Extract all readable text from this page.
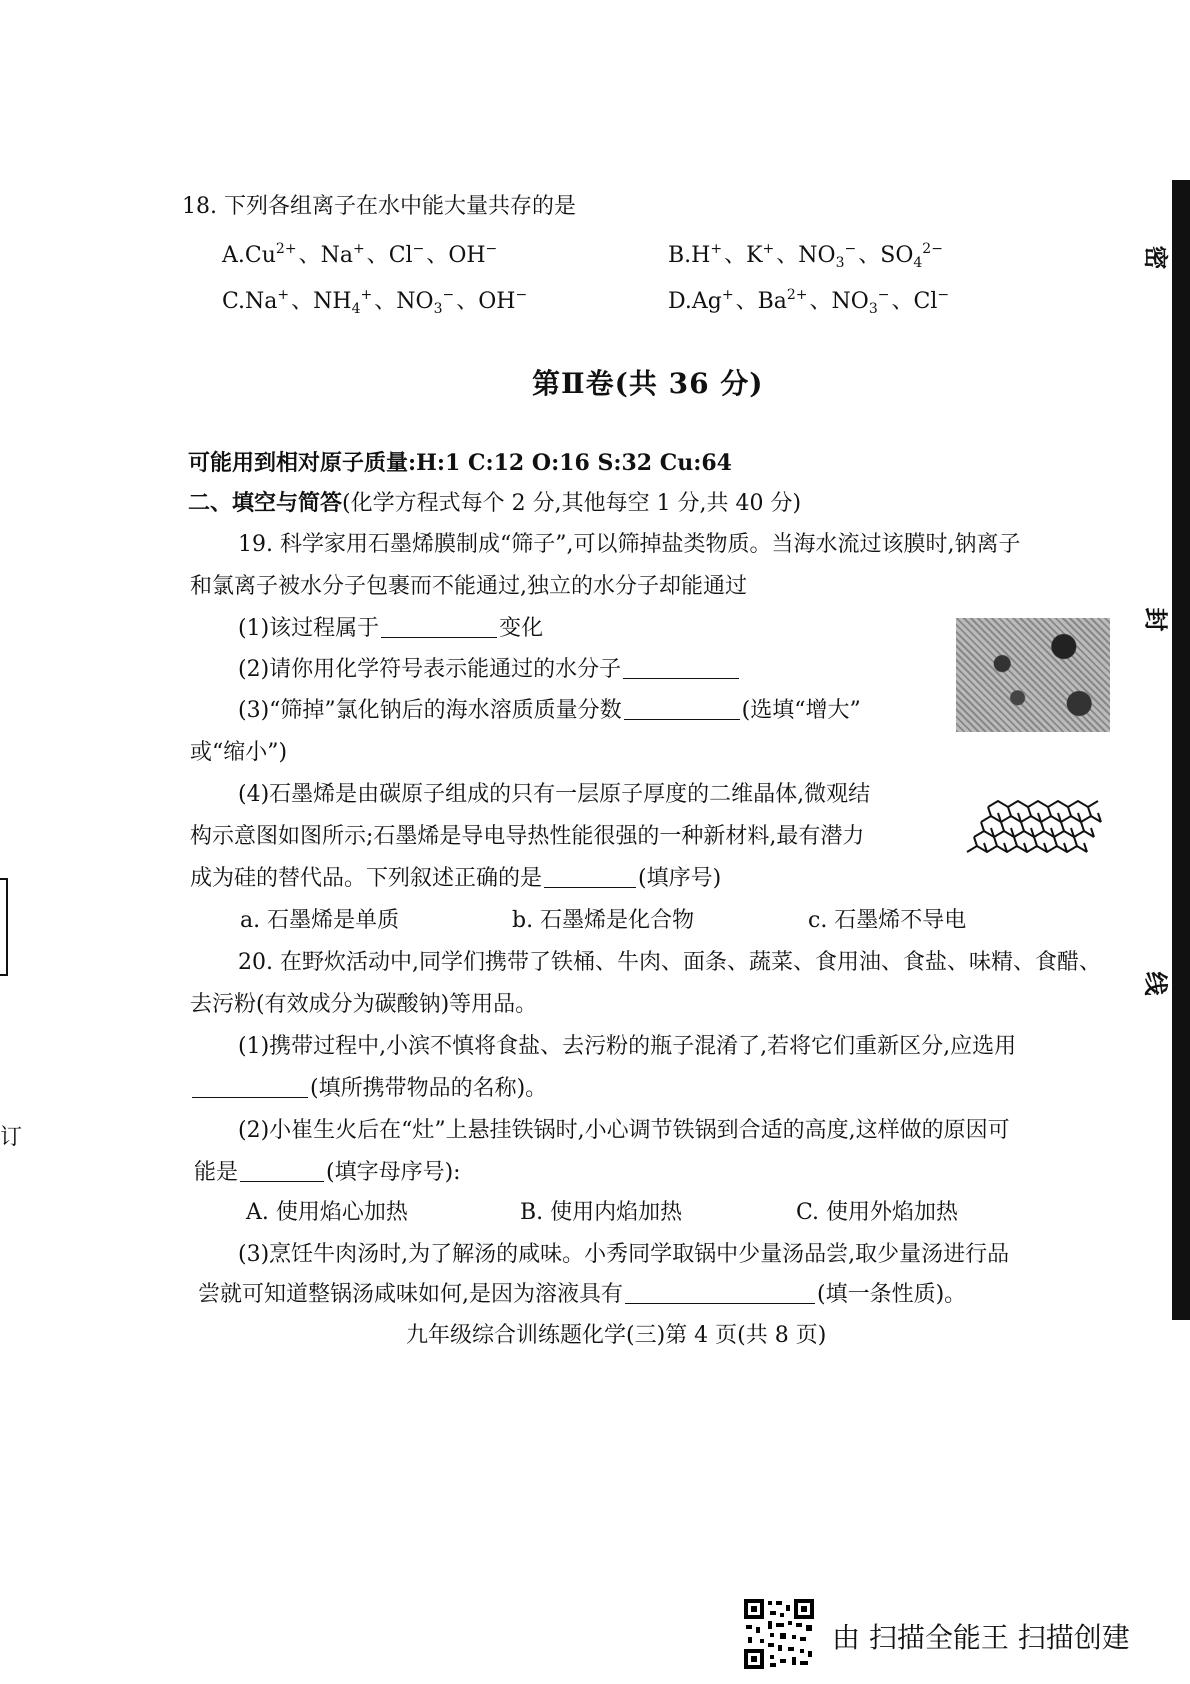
18. 下列各组离子在水中能大量共存的是
$A.Cu^{2+}$、Na+、Cl−、OH−	B.H+、K+、$NO_3^-$、$SO_4^{2-}$
C.Na+、$NH_4^+$、$NO_3^-$、OH−	D.Ag+、$Ba^{2+}$、$NO_3^-$、Cl−
第Ⅱ卷(共 36 分)
可能用到相对原子质量:H:1 C:12 O:16 S:32 Cu:64
二、填空与简答(化学方程式每个 2 分,其他每空 1 分,共 40 分)
19. 科学家用石墨烯膜制成“筛子”,可以筛掉盐类物质。当海水流过该膜时,钠离子
和氯离子被水分子包裹而不能通过,独立的水分子却能通过
(1)该过程属于	变化
(2)请你用化学符号表示能通过的水分子
(3)“筛掉”氯化钠后的海水溶质质量分数	(选填“增大”
或“缩小”)
(4)石墨烯是由碳原子组成的只有一层原子厚度的二维晶体,微观结
构示意图如图所示;石墨烯是导电导热性能很强的一种新材料,最有潜力
成为硅的替代品。下列叙述正确的是	(填序号)
a. 石墨烯是单质	b. 石墨烯是化合物	c. 石墨烯不导电
20. 在野炊活动中,同学们携带了铁桶、牛肉、面条、蔬菜、食用油、食盐、味精、食醋、
去污粉(有效成分为碳酸钠)等用品。
(1)携带过程中,小滨不慎将食盐、去污粉的瓶子混淆了,若将它们重新区分,应选用
(填所携带物品的名称)。
(2)小崔生火后在“灶”上悬挂铁锅时,小心调节铁锅到合适的高度,这样做的原因可
能是	(填字母序号):
A. 使用焰心加热	B. 使用内焰加热	C. 使用外焰加热
(3)烹饪牛肉汤时,为了解汤的咸味。小秀同学取锅中少量汤品尝,取少量汤进行品
尝就可知道整锅汤咸味如何,是因为溶液具有	(填一条性质)。
九年级综合训练题化学(三)第 4 页(共 8 页)
密
封
线
订
由 扫描全能王 扫描创建
